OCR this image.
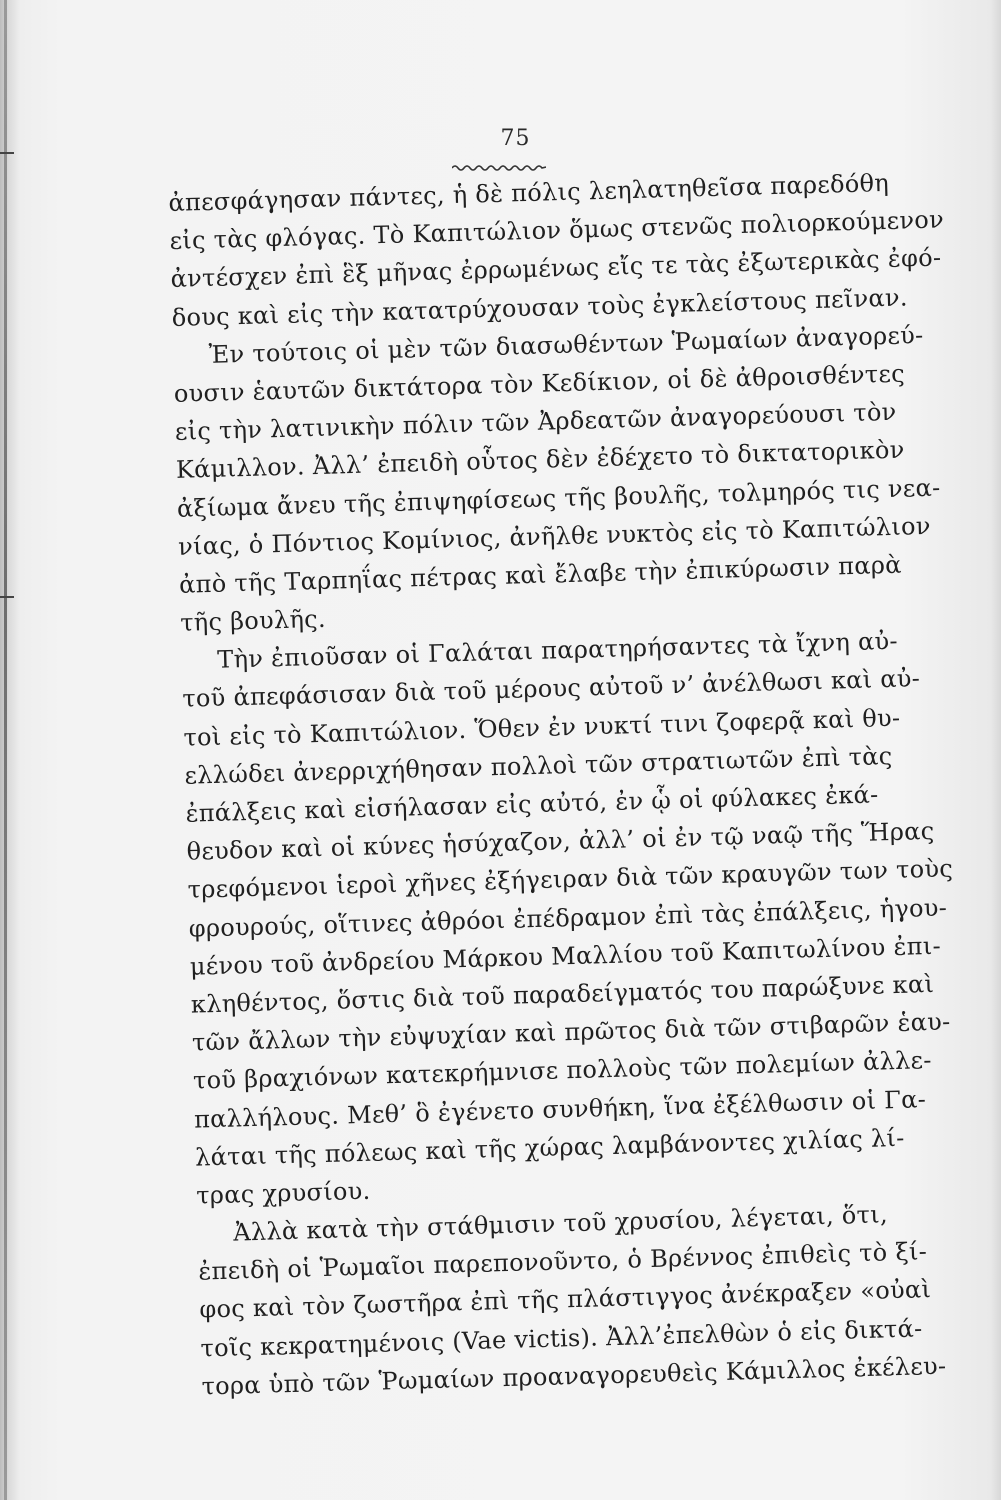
75
ἀπεσφάγησαν πάντες, ἡ δὲ πόλις λεηλατηθεῖσα παρεδόθη
εἰς τὰς φλόγας. Τὸ Καπιτώλιον ὅμως στενῶς πολιορκούμενον
ἀντέσχεν ἐπὶ ἓξ μῆνας ἐρρωμένως εἴς τε τὰς ἐξωτερικὰς ἐφό-
δους καὶ εἰς τὴν κατατρύχουσαν τοὺς ἐγκλείστους πεῖναν.
Ἐν τούτοις οἱ μὲν τῶν διασωθέντων Ῥωμαίων ἀναγορεύ-
ουσιν ἑαυτῶν δικτάτορα τὸν Κεδίκιον, οἱ δὲ ἀθροισθέντες
εἰς τὴν λατινικὴν πόλιν τῶν Ἀρδεατῶν ἀναγορεύουσι τὸν
Κάμιλλον. Ἀλλ’ ἐπειδὴ οὗτος δὲν ἐδέχετο τὸ δικτατορικὸν
ἀξίωμα ἄνευ τῆς ἐπιψηφίσεως τῆς βουλῆς, τολμηρός τις νεα-
νίας, ὁ Πόντιος Κομίνιος, ἀνῆλθε νυκτὸς εἰς τὸ Καπιτώλιον
ἀπὸ τῆς Ταρπηΐας πέτρας καὶ ἔλαβε τὴν ἐπικύρωσιν παρὰ
τῆς βουλῆς.
Τὴν ἐπιοῦσαν οἱ Γαλάται παρατηρήσαντες τὰ ἴχνη αὐ-
τοῦ ἀπεφάσισαν διὰ τοῦ μέρους αὐτοῦ ν’ ἀνέλθωσι καὶ αὐ-
τοὶ εἰς τὸ Καπιτώλιον. Ὅθεν ἐν νυκτί τινι ζοφερᾷ καὶ θυ-
ελλώδει ἀνερριχήθησαν πολλοὶ τῶν στρατιωτῶν ἐπὶ τὰς
ἐπάλξεις καὶ εἰσήλασαν εἰς αὐτό, ἐν ᾧ οἱ φύλακες ἐκά-
θευδον καὶ οἱ κύνες ἡσύχαζον, ἀλλ’ οἱ ἐν τῷ ναῷ τῆς Ἥρας
τρεφόμενοι ἱεροὶ χῆνες ἐξήγειραν διὰ τῶν κραυγῶν των τοὺς
φρουρούς, οἵτινες ἀθρόοι ἐπέδραμον ἐπὶ τὰς ἐπάλξεις, ἡγου-
μένου τοῦ ἀνδρείου Μάρκου Μαλλίου τοῦ Καπιτωλίνου ἐπι-
κληθέντος, ὅστις διὰ τοῦ παραδείγματός του παρώξυνε καὶ
τῶν ἄλλων τὴν εὐψυχίαν καὶ πρῶτος διὰ τῶν στιβαρῶν ἑαυ-
τοῦ βραχιόνων κατεκρήμνισε πολλοὺς τῶν πολεμίων ἀλλε-
παλλήλους. Μεθ’ ὃ ἐγένετο συνθήκη, ἵνα ἐξέλθωσιν οἱ Γα-
λάται τῆς πόλεως καὶ τῆς χώρας λαμβάνοντες χιλίας λί-
τρας χρυσίου.
Ἀλλὰ κατὰ τὴν στάθμισιν τοῦ χρυσίου, λέγεται, ὅτι,
ἐπειδὴ οἱ Ῥωμαῖοι παρεπονοῦντο, ὁ Βρέννος ἐπιθεὶς τὸ ξί-
φος καὶ τὸν ζωστῆρα ἐπὶ τῆς πλάστιγγος ἀνέκραξεν «οὐαὶ
τοῖς κεκρατημένοις (Vae victis). Ἀλλ’ἐπελθὼν ὁ εἰς δικτά-
τορα ὑπὸ τῶν Ῥωμαίων προαναγορευθεὶς Κάμιλλος ἐκέλευ-
